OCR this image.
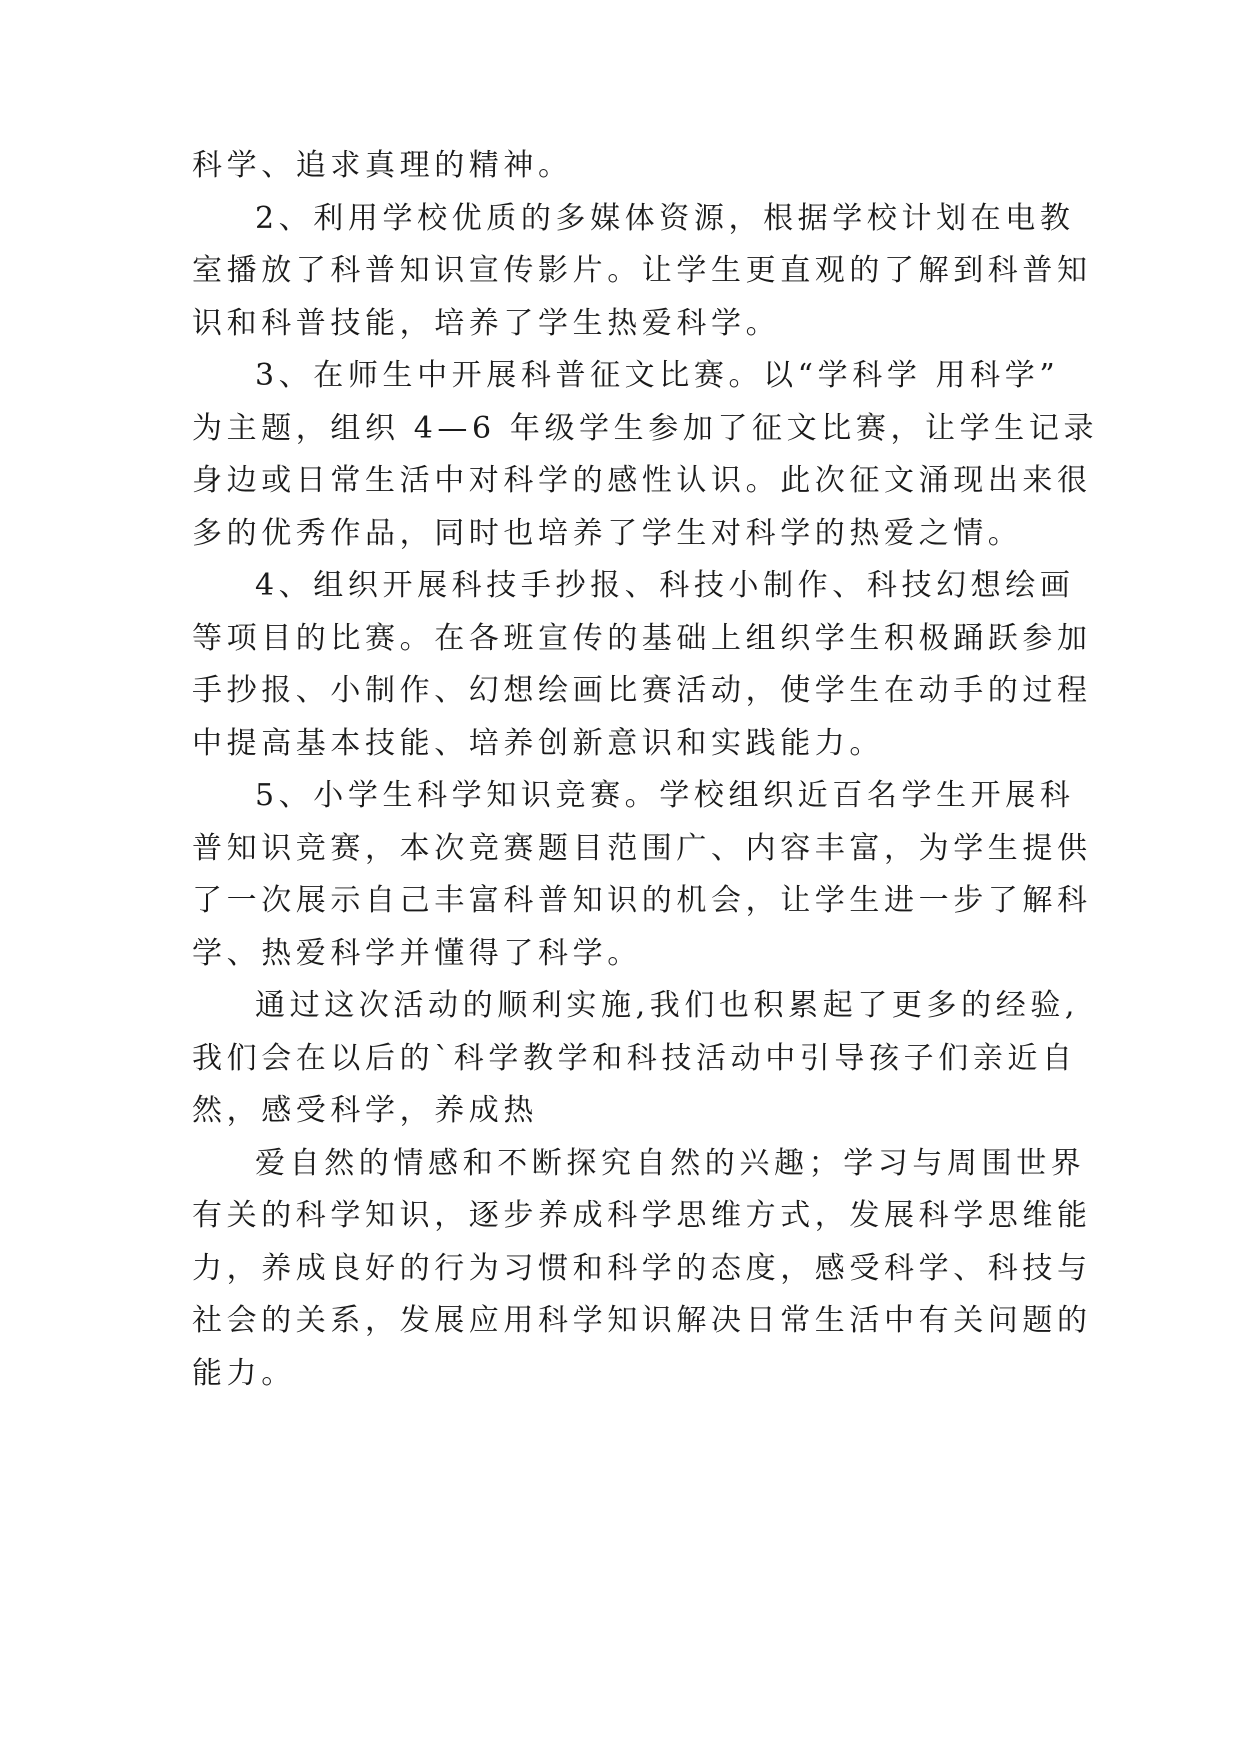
科学、追求真理的精神。

2、利用学校优质的多媒体资源，根据学校计划在电教

室播放了科普知识宣传影片。让学生更直观的了解到科普知

识和科普技能，培养了学生热爱科学。

3、在师生中开展科普征文比赛。以“学科学 用科学”

为主题，组织 4—6 年级学生参加了征文比赛，让学生记录

身边或日常生活中对科学的感性认识。此次征文涌现出来很

多的优秀作品，同时也培养了学生对科学的热爱之情。

4、组织开展科技手抄报、科技小制作、科技幻想绘画

等项目的比赛。在各班宣传的基础上组织学生积极踊跃参加

手抄报、小制作、幻想绘画比赛活动，使学生在动手的过程

中提高基本技能、培养创新意识和实践能力。

5、小学生科学知识竞赛。学校组织近百名学生开展科

普知识竞赛，本次竞赛题目范围广、内容丰富，为学生提供

了一次展示自己丰富科普知识的机会，让学生进一步了解科

学、热爱科学并懂得了科学。

通过这次活动的顺利实施,我们也积累起了更多的经验,

我们会在以后的`科学教学和科技活动中引导孩子们亲近自

然，感受科学，养成热

爱自然的情感和不断探究自然的兴趣；学习与周围世界

有关的科学知识，逐步养成科学思维方式，发展科学思维能

力，养成良好的行为习惯和科学的态度，感受科学、科技与

社会的关系，发展应用科学知识解决日常生活中有关问题的

能力。
